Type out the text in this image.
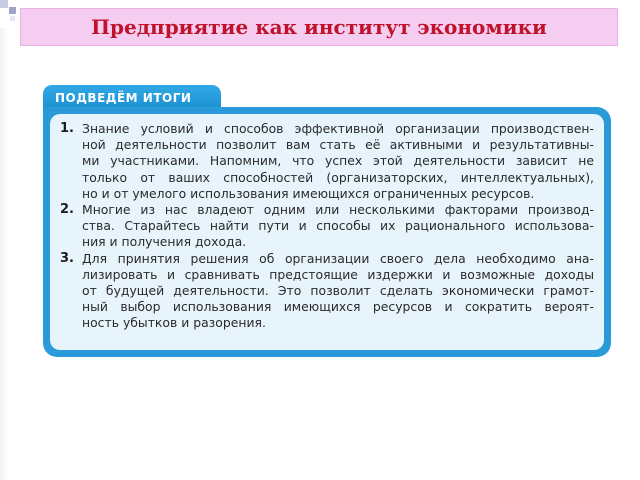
Предприятие как институт экономики
ПОДВЕДЁМ ИТОГИ
1. Знание условий и способов эффективной организации производствен-
ной деятельности позволит вам стать её активными и результативны-
ми участниками. Напомним, что успех этой деятельности зависит не
только от ваших способностей (организаторских, интеллектуальных),
но и от умелого использования имеющихся ограниченных ресурсов.
2. Многие из нас владеют одним или несколькими факторами производ-
ства. Старайтесь найти пути и способы их рационального использова-
ния и получения дохода.
3. Для принятия решения об организации своего дела необходимо ана-
лизировать и сравнивать предстоящие издержки и возможные доходы
от будущей деятельности. Это позволит сделать экономически грамот-
ный выбор использования имеющихся ресурсов и сократить вероят-
ность убытков и разорения.
